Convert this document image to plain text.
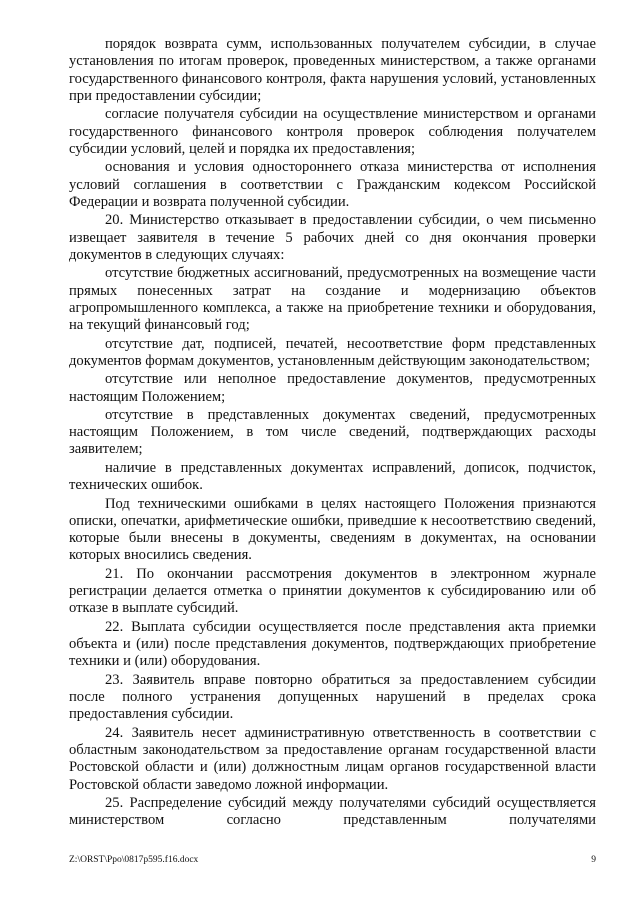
порядок возврата сумм, использованных получателем субсидии, в случае установления по итогам проверок, проведенных министерством, а также органами государственного финансового контроля, факта нарушения условий, установленных при предоставлении субсидии;

согласие получателя субсидии на осуществление министерством и органами государственного финансового контроля проверок соблюдения получателем субсидии условий, целей и порядка их предоставления;

основания и условия одностороннего отказа министерства от исполнения условий соглашения в соответствии с Гражданским кодексом Российской Федерации и возврата полученной субсидии.

20. Министерство отказывает в предоставлении субсидии, о чем письменно извещает заявителя в течение 5 рабочих дней со дня окончания проверки документов в следующих случаях:

отсутствие бюджетных ассигнований, предусмотренных на возмещение части прямых понесенных затрат на создание и модернизацию объектов агропромышленного комплекса, а также на приобретение техники и оборудования, на текущий финансовый год;

отсутствие дат, подписей, печатей, несоответствие форм представленных документов формам документов, установленным действующим законодательством;

отсутствие или неполное предоставление документов, предусмотренных настоящим Положением;

отсутствие в представленных документах сведений, предусмотренных настоящим Положением, в том числе сведений, подтверждающих расходы заявителем;

наличие в представленных документах исправлений, дописок, подчисток, технических ошибок.

Под техническими ошибками в целях настоящего Положения признаются описки, опечатки, арифметические ошибки, приведшие к несоответствию сведений, которые были внесены в документы, сведениям в документах, на основании которых вносились сведения.

21. По окончании рассмотрения документов в электронном журнале регистрации делается отметка о принятии документов к субсидированию или об отказе в выплате субсидий.

22. Выплата субсидии осуществляется после представления акта приемки объекта и (или) после представления документов, подтверждающих приобретение техники и (или) оборудования.

23. Заявитель вправе повторно обратиться за предоставлением субсидии после полного устранения допущенных нарушений в пределах срока предоставления субсидии.

24. Заявитель несет административную ответственность в соответствии с областным законодательством за предоставление органам государственной власти Ростовской области и (или) должностным лицам органов государственной власти Ростовской области заведомо ложной информации.

25. Распределение субсидий между получателями субсидий осуществляется министерством согласно представленным получателями

Z:\ORST\Ppo\0817p595.f16.docx	9
